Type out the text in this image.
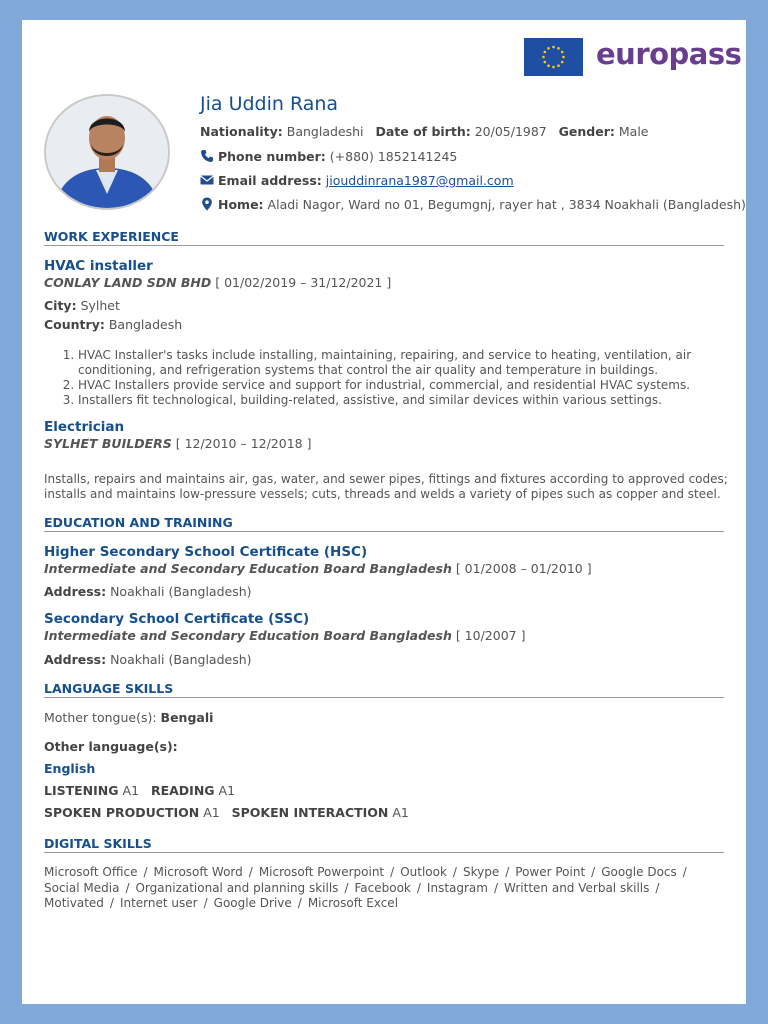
europass
Jia Uddin Rana
Nationality: Bangladeshi Date of birth: 20/05/1987 Gender: Male
Phone number: (+880) 1852141245
Email address: jiouddinrana1987@gmail.com
Home: Aladi Nagor, Ward no 01, Begumgnj, rayer hat , 3834 Noakhali (Bangladesh)
WORK EXPERIENCE
HVAC installer
CONLAY LAND SDN BHD [ 01/02/2019 – 31/12/2021 ]
City: Sylhet
Country: Bangladesh
1. HVAC Installer's tasks include installing, maintaining, repairing, and service to heating, ventilation, air conditioning, and refrigeration systems that control the air quality and temperature in buildings.
2. HVAC Installers provide service and support for industrial, commercial, and residential HVAC systems.
3. Installers fit technological, building-related, assistive, and similar devices within various settings.
Electrician
SYLHET BUILDERS [ 12/2010 – 12/2018 ]
Installs, repairs and maintains air, gas, water, and sewer pipes, fittings and fixtures according to approved codes; installs and maintains low-pressure vessels; cuts, threads and welds a variety of pipes such as copper and steel.
EDUCATION AND TRAINING
Higher Secondary School Certificate (HSC)
Intermediate and Secondary Education Board Bangladesh [ 01/2008 – 01/2010 ]
Address: Noakhali (Bangladesh)
Secondary School Certificate (SSC)
Intermediate and Secondary Education Board Bangladesh [ 10/2007 ]
Address: Noakhali (Bangladesh)
LANGUAGE SKILLS
Mother tongue(s): Bengali
Other language(s):
English
LISTENING A1 READING A1
SPOKEN PRODUCTION A1 SPOKEN INTERACTION A1
DIGITAL SKILLS
Microsoft Office / Microsoft Word / Microsoft Powerpoint / Outlook / Skype / Power Point / Google Docs /
Social Media / Organizational and planning skills / Facebook / Instagram / Written and Verbal skills /
Motivated / Internet user / Google Drive / Microsoft Excel
